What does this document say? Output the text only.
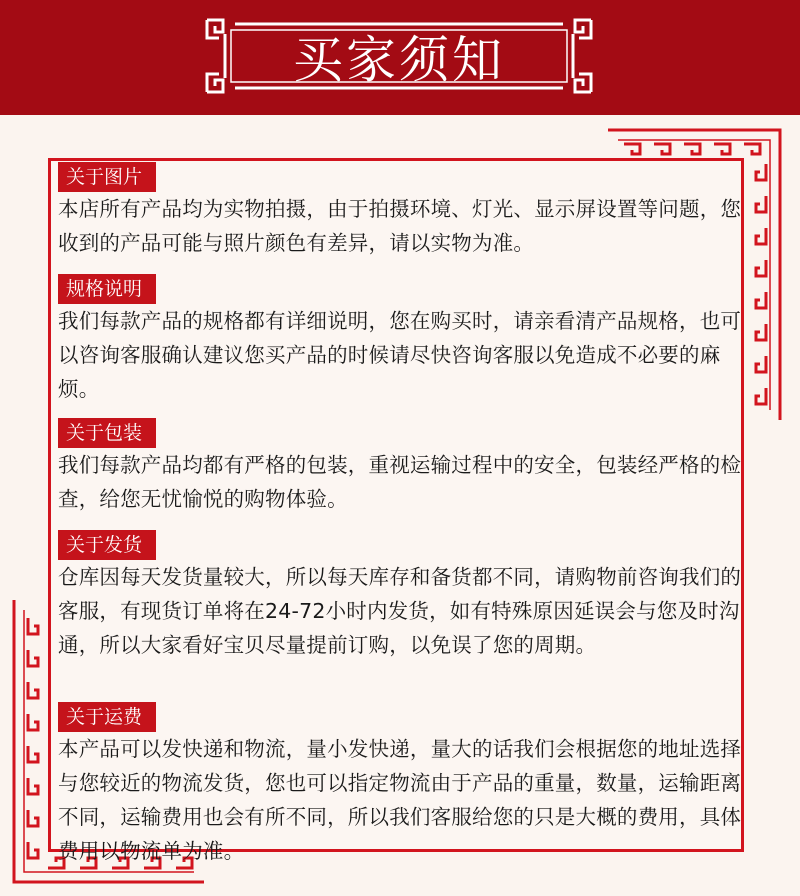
买家须知
关于图片

本店所有产品均为实物拍摄，由于拍摄环境、灯光、显示屏设置等问题，您收到的产品可能与照片颜色有差异，请以实物为准。

规格说明

我们每款产品的规格都有详细说明，您在购买时，请亲看清产品规格，也可以咨询客服确认建议您买产品的时候请尽快咨询客服以免造成不必要的麻烦。

关于包装

我们每款产品均都有严格的包装，重视运输过程中的安全，包装经严格的检查，给您无忧愉悦的购物体验。

关于发货

仓库因每天发货量较大，所以每天库存和备货都不同，请购物前咨询我们的客服，有现货订单将在24-72小时内发货，如有特殊原因延误会与您及时沟通，所以大家看好宝贝尽量提前订购，以免误了您的周期。

关于运费

本产品可以发快递和物流，量小发快递，量大的话我们会根据您的地址选择与您较近的物流发货，您也可以指定物流由于产品的重量，数量，运输距离不同，运输费用也会有所不同，所以我们客服给您的只是大概的费用，具体费用以物流单为准。
